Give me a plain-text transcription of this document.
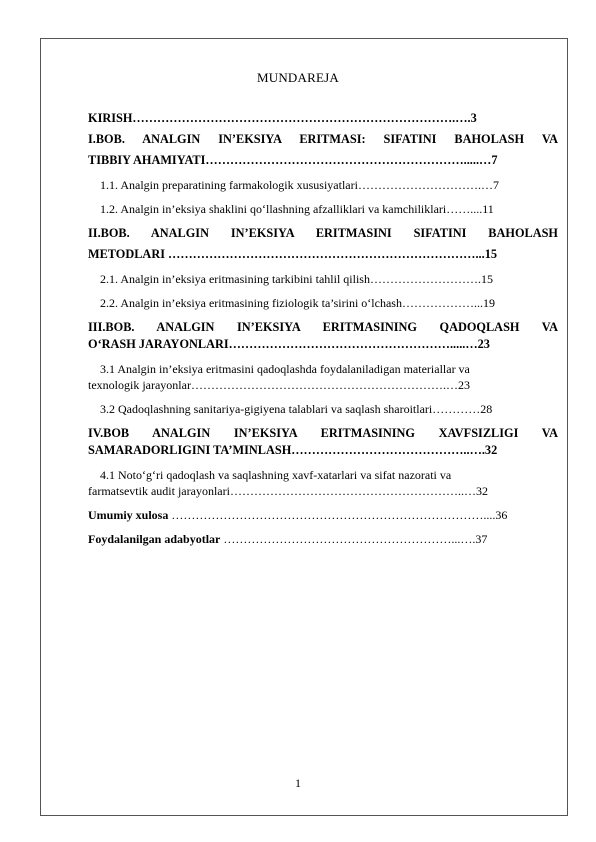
MUNDAREJA
KIRISH…………………………………………………………………….….3
I.BOB. ANALGIN IN’EKSIYA ERITMASI: SIFATINI BAHOLASH VA
TIBBIY AHAMIYATI……………………………………………………….....…7
1.1. Analgin preparatining farmakologik xususiyatlari………………………….…7
1.2. Analgin in’eksiya shaklini qo‘llashning afzalliklari va kamchiliklari……....11
II.BOB. ANALGIN IN’EKSIYA ERITMASINI SIFATINI BAHOLASH
METODLARI …………………………………………………………………...15
2.1. Analgin in’eksiya eritmasining tarkibini tahlil qilish……………………….15
2.2. Analgin in’eksiya eritmasining fiziologik ta’sirini o‘lchash………………...19
III.BOB. ANALGIN IN’EKSIYA ERITMASINING QADOQLASH VA
O‘RASH JARAYONLARI……………………………………………….....…23
3.1 Analgin in’eksiya eritmasini qadoqlashda foydalaniladigan materiallar va
texnologik jarayonlar……………………………………………………….…23
3.2 Qadoqlashning sanitariya-gigiyena talablari va saqlash sharoitlari…………28
IV.BOB ANALGIN IN’EKSIYA ERITMASINING XAVFSIZLIGI VA
SAMARADORLIGINI TA’MINLASH……………………………………..….32
4.1 Noto‘g‘ri qadoqlash va saqlashning xavf-xatarlari va sifat nazorati va
farmatsevtik audit jarayonlari…………………………………………………..…32
Umumiy xulosa ……………………………………………………………………....36
Foydalanilgan adabyotlar …………………………………………………...….37
1
